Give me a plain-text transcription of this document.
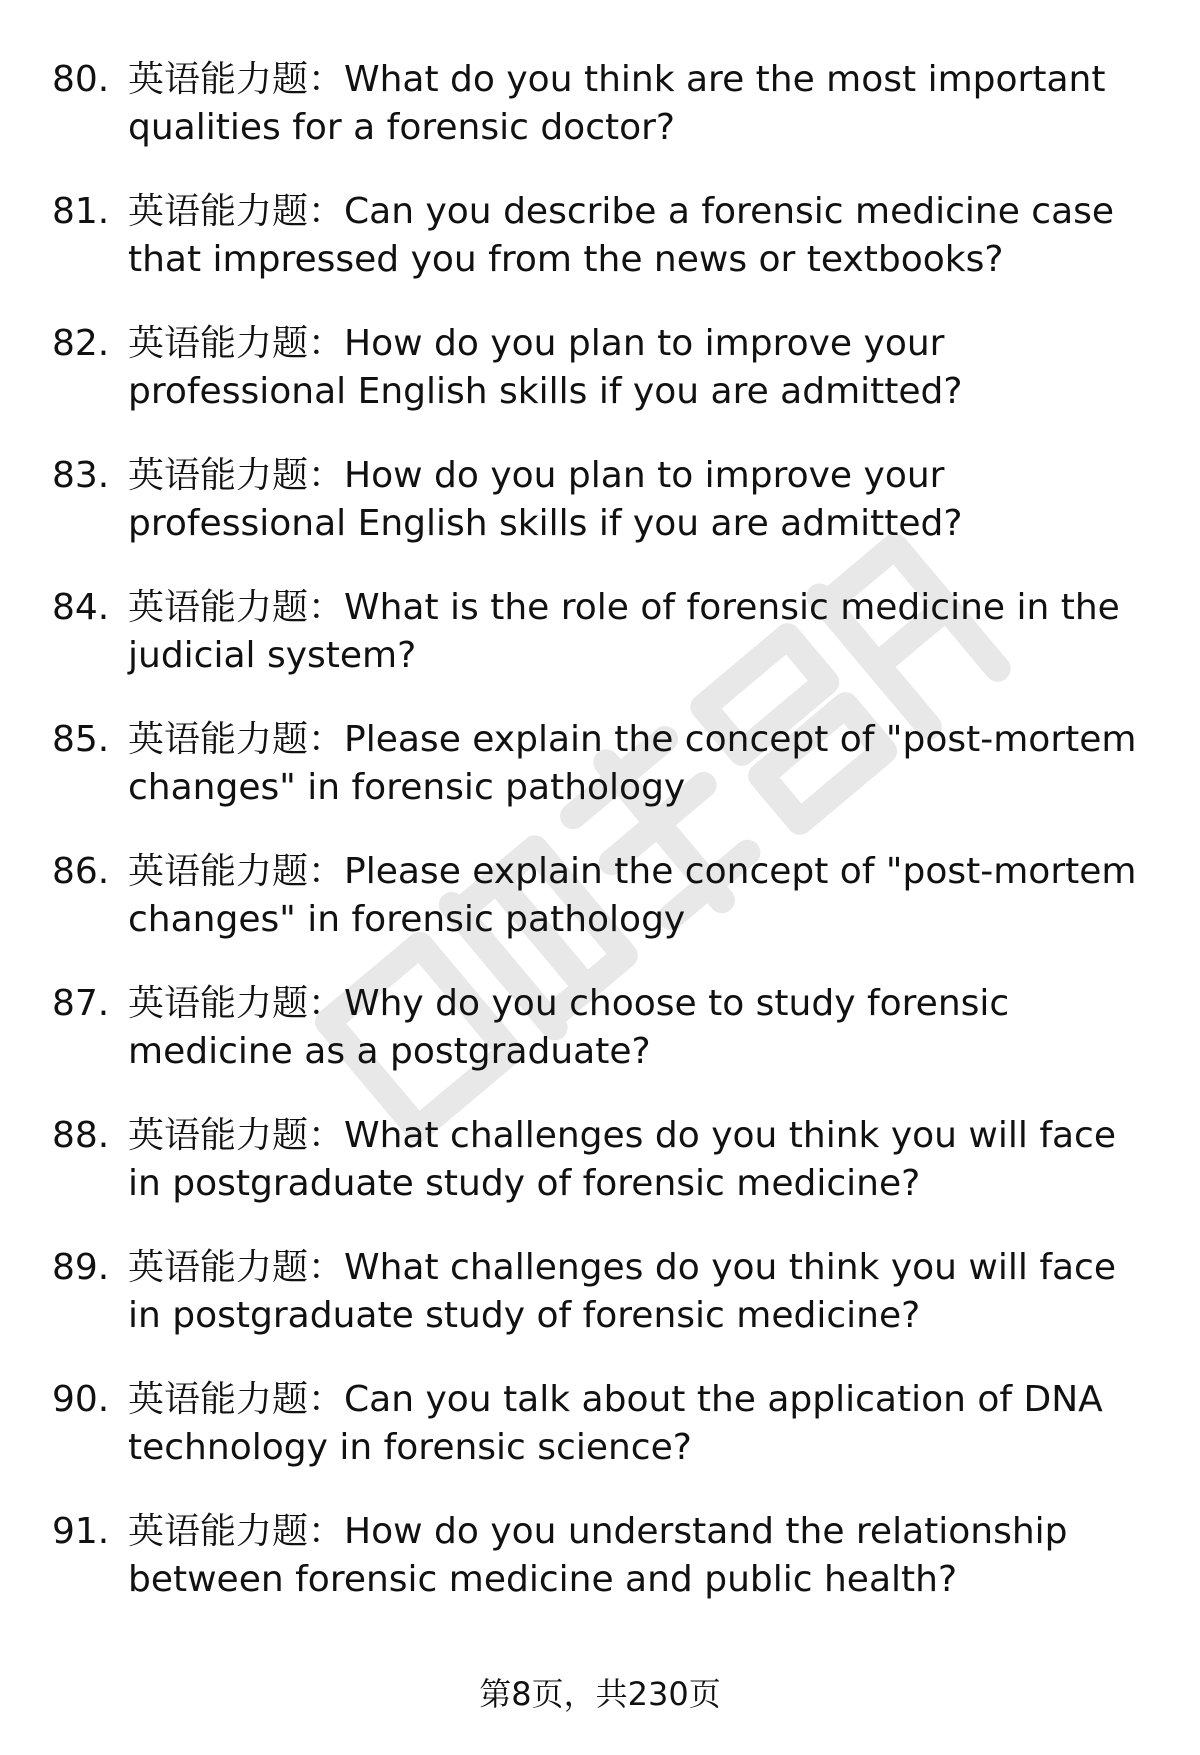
80. 英语能力题：What do you think are the most important qualities for a forensic doctor?
81. 英语能力题：Can you describe a forensic medicine case that impressed you from the news or textbooks?
82. 英语能力题：How do you plan to improve your professional English skills if you are admitted?
83. 英语能力题：How do you plan to improve your professional English skills if you are admitted?
84. 英语能力题：What is the role of forensic medicine in the judicial system?
85. 英语能力题：Please explain the concept of "post-mortem changes" in forensic pathology
86. 英语能力题：Please explain the concept of "post-mortem changes" in forensic pathology
87. 英语能力题：Why do you choose to study forensic medicine as a postgraduate?
88. 英语能力题：What challenges do you think you will face in postgraduate study of forensic medicine?
89. 英语能力题：What challenges do you think you will face in postgraduate study of forensic medicine?
90. 英语能力题：Can you talk about the application of DNA technology in forensic science?
91. 英语能力题：How do you understand the relationship between forensic medicine and public health?
第8页，共230页
